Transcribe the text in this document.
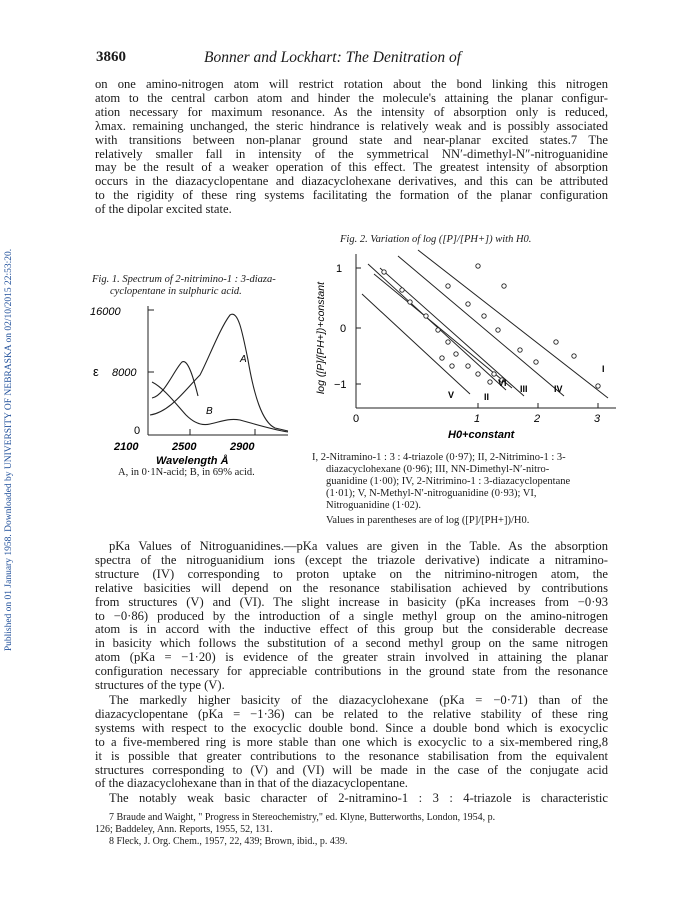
Published on 01 January 1958. Downloaded by UNIVERSITY OF NEBRASKA on 02/10/2015 22:53:20.
3860	Bonner and Lockhart: The Denitration of
on one amino-nitrogen atom will restrict rotation about the bond linking this nitrogen
atom to the central carbon atom and hinder the molecule's attaining the planar configur-
ation necessary for maximum resonance. As the intensity of absorption only is reduced,
λmax. remaining unchanged, the steric hindrance is relatively weak and is possibly associated
with transitions between non-planar ground state and near-planar excited states.7 The
relatively smaller fall in intensity of the symmetrical NN′-dimethyl-N″-nitroguanidine
may be the result of a weaker operation of this effect. The greatest intensity of absorption
occurs in the diazacyclopentane and diazacyclohexane derivatives, and this can be attributed
to the rigidity of these ring systems facilitating the formation of the planar configuration
of the dipolar excited state.
Fig. 1. Spectrum of 2-nitrimino-1 : 3-diaza-
cyclopentane in sulphuric acid.
16000
8000
ε
0
A
B
2100	2500	2900
Wavelength Å
A, in 0·1N-acid; B, in 69% acid.
Fig. 2. Variation of log ([P]/[PH+]) with H0.
log ([P]/[PH+])+constant
1
0
−1
V	II
VI
III	IV
I
0	1	2	3
H0+constant
I, 2-Nitramino-1 : 3 : 4-triazole (0·97); II, 2-Nitrimino-1 : 3-
diazacyclohexane (0·96); III, NN-Dimethyl-N′-nitro-
guanidine (1·00); IV, 2-Nitrimino-1 : 3-diazacyclopentane
(1·01); V, N-Methyl-N′-nitroguanidine (0·93); VI,
Nitroguanidine (1·02).
Values in parentheses are of log ([P]/[PH+])/H0.
pKa Values of Nitroguanidines.—pKa values are given in the Table. As the absorption
spectra of the nitroguanidium ions (except the triazole derivative) indicate a nitramino-
structure (IV) corresponding to proton uptake on the nitrimino-nitrogen atom, the
relative basicities will depend on the resonance stabilisation achieved by contributions
from structures (V) and (VI). The slight increase in basicity (pKa increases from −0·93
to −0·86) produced by the introduction of a single methyl group on the amino-nitrogen
atom is in accord with the inductive effect of this group but the considerable decrease
in basicity which follows the substitution of a second methyl group on the same nitrogen
atom (pKa = −1·20) is evidence of the greater strain involved in attaining the planar
configuration necessary for appreciable contributions in the ground state from the resonance
structures of the type (V).
The markedly higher basicity of the diazacyclohexane (pKa = −0·71) than of the
diazacyclopentane (pKa = −1·36) can be related to the relative stability of these ring
systems with respect to the exocyclic double bond. Since a double bond which is exocyclic
to a five-membered ring is more stable than one which is exocyclic to a six-membered ring,8
it is possible that greater contributions to the resonance stabilisation from the equivalent
structures corresponding to (V) and (VI) will be made in the case of the conjugate acid
of the diazacyclohexane than in that of the diazacyclopentane.
The notably weak basic character of 2-nitramino-1 : 3 : 4-triazole is characteristic
7 Braude and Waight, " Progress in Stereochemistry," ed. Klyne, Butterworths, London, 1954, p.
126; Baddeley, Ann. Reports, 1955, 52, 131.
8 Fleck, J. Org. Chem., 1957, 22, 439; Brown, ibid., p. 439.
